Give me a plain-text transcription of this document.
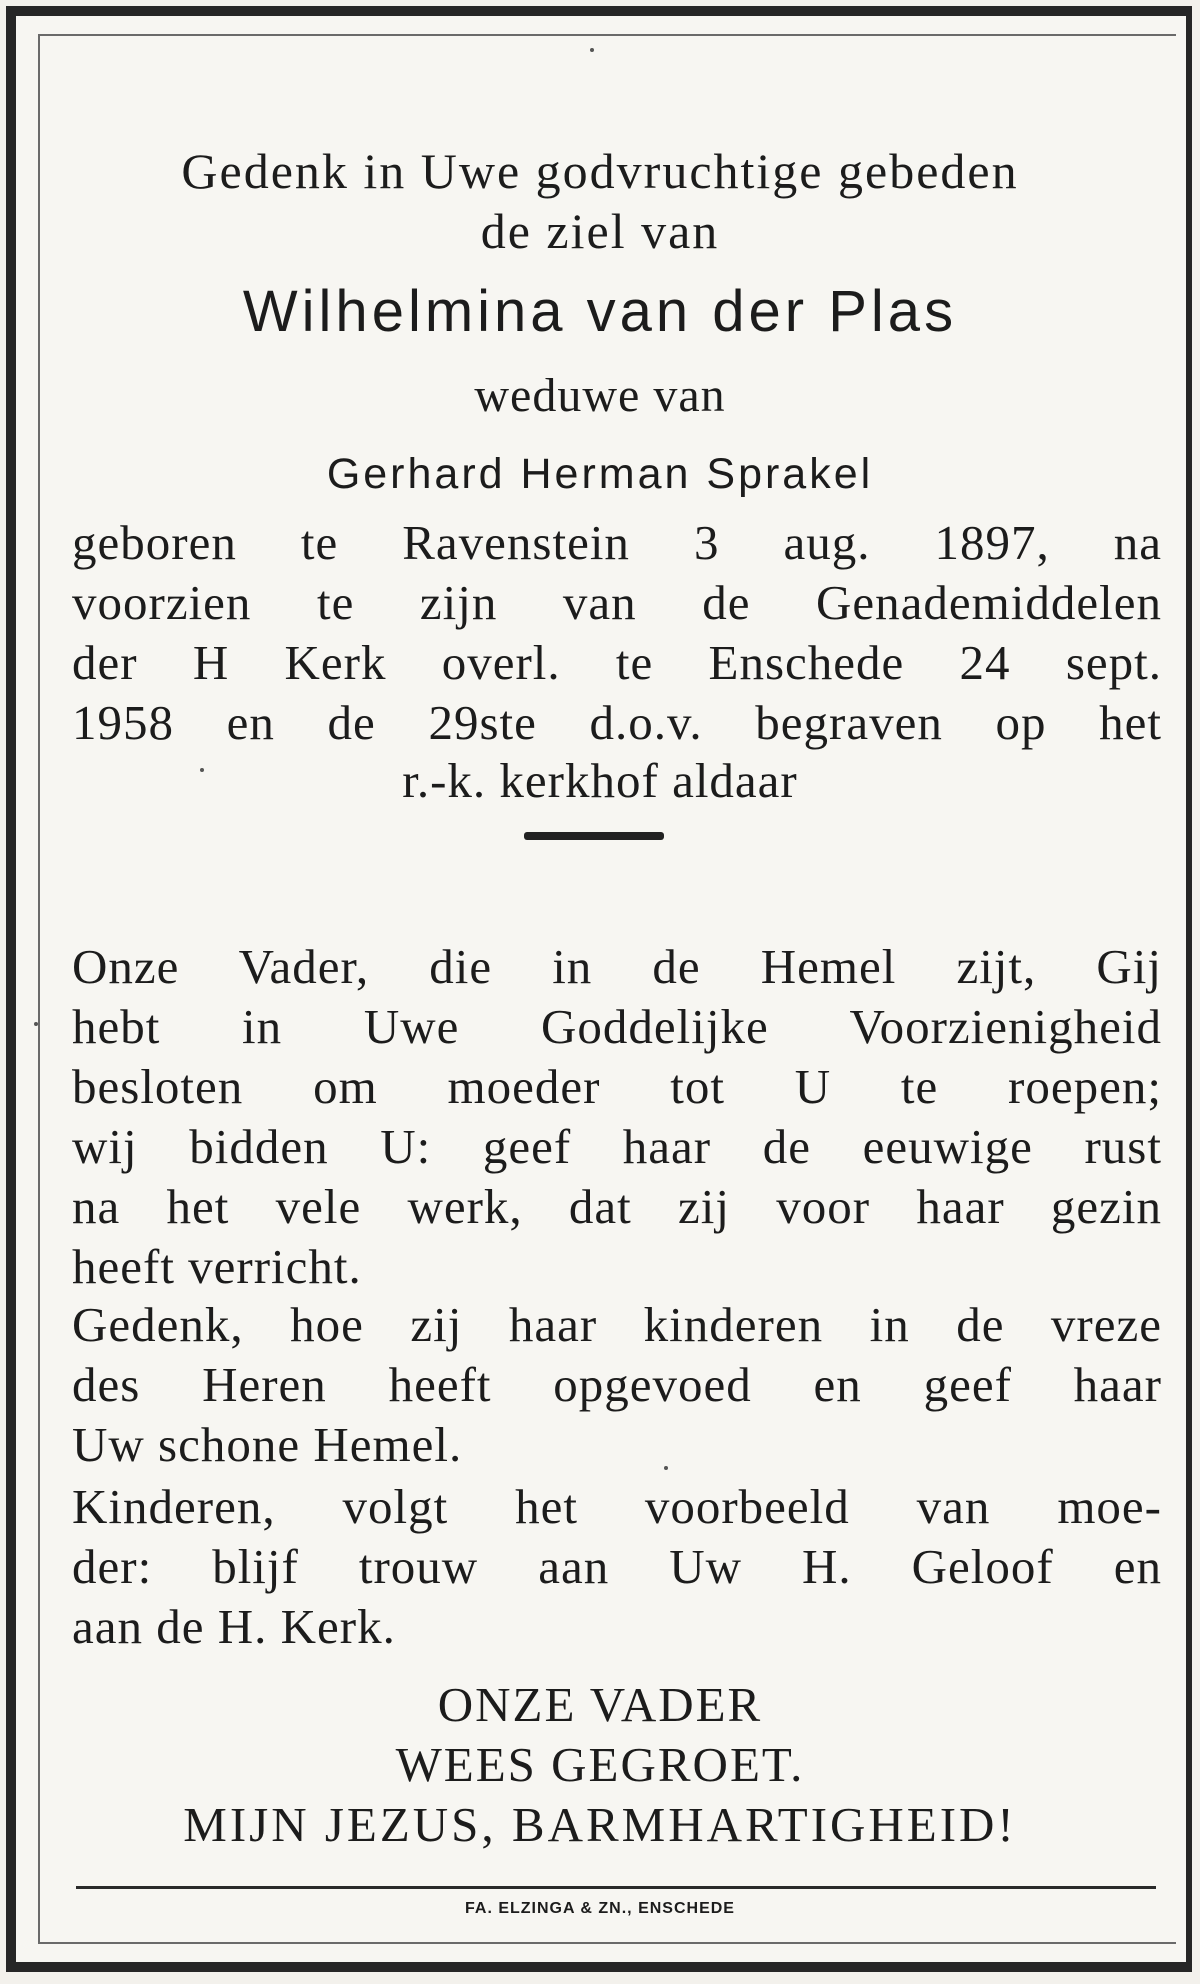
Gedenk in Uwe godvruchtige gebeden
de ziel van
Wilhelmina van der Plas
weduwe van
Gerhard Herman Sprakel
geboren te Ravenstein 3 aug. 1897, na
voorzien te zijn van de Genademiddelen
der H Kerk overl. te Enschede 24 sept.
1958 en de 29ste d.o.v. begraven op het
r.-k. kerkhof aldaar
Onze Vader, die in de Hemel zijt, Gij
hebt in Uwe Goddelijke Voorzienigheid
besloten om moeder tot U te roepen;
wij bidden U: geef haar de eeuwige rust
na het vele werk, dat zij voor haar gezin
heeft verricht.
Gedenk, hoe zij haar kinderen in de vreze
des Heren heeft opgevoed en geef haar
Uw schone Hemel.
Kinderen, volgt het voorbeeld van moe-
der: blijf trouw aan Uw H. Geloof en
aan de H. Kerk.
ONZE VADER
WEES GEGROET.
MIJN JEZUS, BARMHARTIGHEID!
FA. ELZINGA & ZN., ENSCHEDE
